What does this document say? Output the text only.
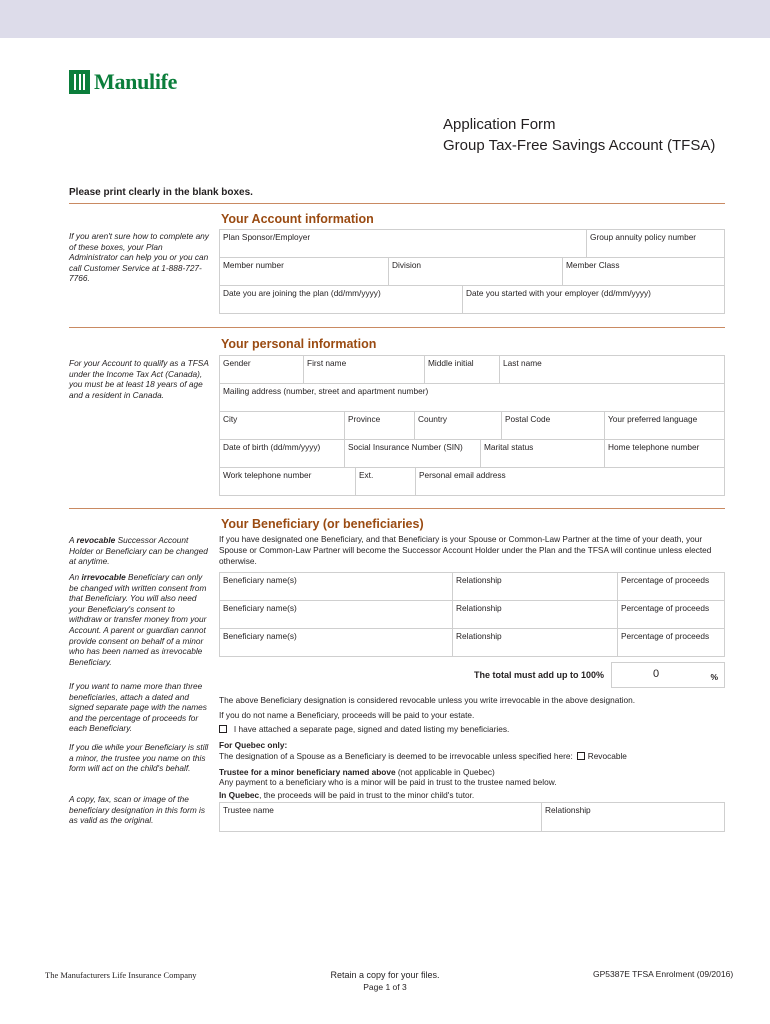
Manulife
Application Form
Group Tax-Free Savings Account (TFSA)
Please print clearly in the blank boxes.
Your Account information
If you aren't sure how to complete any of these boxes, your Plan Administrator can help you or you can call Customer Service at 1-888-727-7766.
Plan Sponsor/Employer	Group annuity policy number
Member number	Division	Member Class
Date you are joining the plan (dd/mm/yyyy)	Date you started with your employer (dd/mm/yyyy)
Your personal information
For your Account to qualify as a TFSA under the Income Tax Act (Canada), you must be at least 18 years of age and a resident in Canada.
Gender	First name	Middle initial	Last name
Mailing address (number, street and apartment number)
City	Province	Country	Postal Code	Your preferred language
Date of birth (dd/mm/yyyy)	Social Insurance Number (SIN)	Marital status	Home telephone number
Work telephone number	Ext.	Personal email address
Your Beneficiary (or beneficiaries)
A revocable Successor Account Holder or Beneficiary can be changed at anytime.
An irrevocable Beneficiary can only be changed with written consent from that Beneficiary. You will also need your Beneficiary's consent to withdraw or transfer money from your Account. A parent or guardian cannot provide consent on behalf of a minor who has been named as irrevocable Beneficiary.
If you want to name more than three beneficiaries, attach a dated and signed separate page with the names and the percentage of proceeds for each Beneficiary.
If you die while your Beneficiary is still a minor, the trustee you name on this form will act on the child's behalf.
A copy, fax, scan or image of the beneficiary designation in this form is as valid as the original.
If you have designated one Beneficiary, and that Beneficiary is your Spouse or Common-Law Partner at the time of your death, your Spouse or Common-Law Partner will become the Successor Account Holder under the Plan and the TFSA will continue unless elected otherwise.
Beneficiary name(s)	Relationship	Percentage of proceeds
Beneficiary name(s)	Relationship	Percentage of proceeds
Beneficiary name(s)	Relationship	Percentage of proceeds
The total must add up to 100%	0	%
The above Beneficiary designation is considered revocable unless you write irrevocable in the above designation.
If you do not name a Beneficiary, proceeds will be paid to your estate.
I have attached a separate page, signed and dated listing my beneficiaries.
For Quebec only:
The designation of a Spouse as a Beneficiary is deemed to be irrevocable unless specified here: Revocable
Trustee for a minor beneficiary named above (not applicable in Quebec)
Any payment to a beneficiary who is a minor will be paid in trust to the trustee named below.
In Quebec, the proceeds will be paid in trust to the minor child's tutor.
Trustee name	Relationship
The Manufacturers Life Insurance Company	Retain a copy for your files.
Page 1 of 3
GP5387E TFSA Enrolment (09/2016)
